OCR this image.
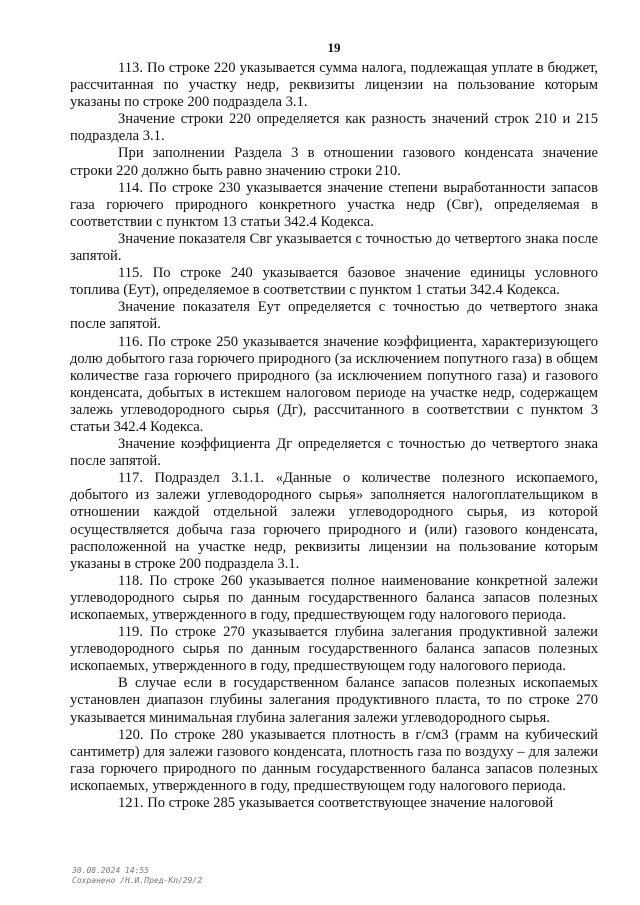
19

113. По строке 220 указывается сумма налога, подлежащая уплате в бюджет, рассчитанная по участку недр, реквизиты лицензии на пользование которым указаны по строке 200 подраздела 3.1.

Значение строки 220 определяется как разность значений строк 210 и 215 подраздела 3.1.

При заполнении Раздела 3 в отношении газового конденсата значение строки 220 должно быть равно значению строки 210.

114. По строке 230 указывается значение степени выработанности запасов газа горючего природного конкретного участка недр (Свг), определяемая в соответствии с пунктом 13 статьи 342.4 Кодекса.

Значение показателя Свг указывается с точностью до четвертого знака после запятой.

115. По строке 240 указывается базовое значение единицы условного топлива (Еут), определяемое в соответствии с пунктом 1 статьи 342.4 Кодекса.

Значение показателя Еут определяется с точностью до четвертого знака после запятой.

116. По строке 250 указывается значение коэффициента, характеризующего долю добытого газа горючего природного (за исключением попутного газа) в общем количестве газа горючего природного (за исключением попутного газа) и газового конденсата, добытых в истекшем налоговом периоде на участке недр, содержащем залежь углеводородного сырья (Дг), рассчитанного в соответствии с пунктом 3 статьи 342.4 Кодекса.

Значение коэффициента Дг определяется с точностью до четвертого знака после запятой.

117. Подраздел 3.1.1. «Данные о количестве полезного ископаемого, добытого из залежи углеводородного сырья» заполняется налогоплательщиком в отношении каждой отдельной залежи углеводородного сырья, из которой осуществляется добыча газа горючего природного и (или) газового конденсата, расположенной на участке недр, реквизиты лицензии на пользование которым указаны в строке 200 подраздела 3.1.

118. По строке 260 указывается полное наименование конкретной залежи углеводородного сырья по данным государственного баланса запасов полезных ископаемых, утвержденного в году, предшествующем году налогового периода.

119. По строке 270 указывается глубина залегания продуктивной залежи углеводородного сырья по данным государственного баланса запасов полезных ископаемых, утвержденного в году, предшествующем году налогового периода.

В случае если в государственном балансе запасов полезных ископаемых установлен диапазон глубины залегания продуктивного пласта, то по строке 270 указывается минимальная глубина залегания залежи углеводородного сырья.

120. По строке 280 указывается плотность в г/см3 (грамм на кубический сантиметр) для залежи газового конденсата, плотность газа по воздуху – для залежи газа горючего природного по данным государственного баланса запасов полезных ископаемых, утвержденного в году, предшествующем году налогового периода.

121. По строке 285 указывается соответствующее значение налоговой

30.08.2024 14:55
Сохранено /Н.И.Пред-Кл/29/2
